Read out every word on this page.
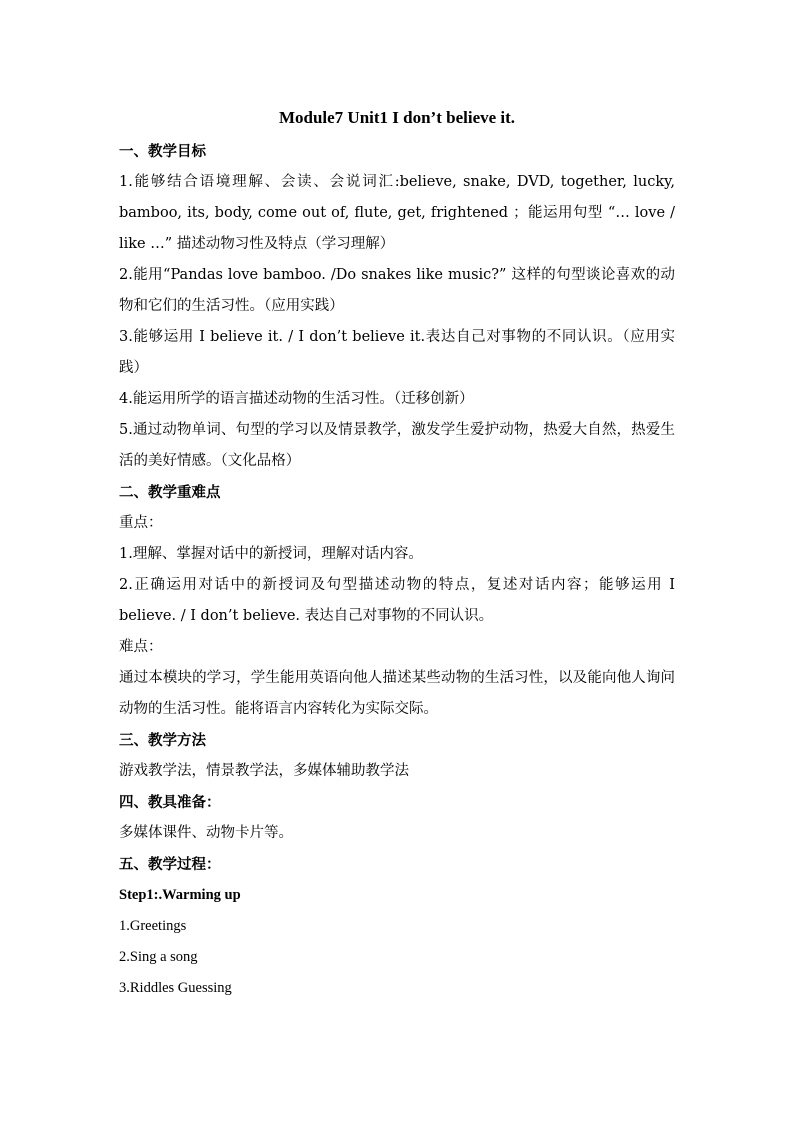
Module7 Unit1 I don’t believe it.
一、教学目标
1.能够结合语境理解、会读、会说词汇:believe, snake, DVD, together, lucky, bamboo, its, body, come out of, flute, get, frightened ；能运用句型 “… love / like …” 描述动物习性及特点（学习理解）
2.能用“Pandas love bamboo. /Do snakes like music?” 这样的句型谈论喜欢的动物和它们的生活习性。（应用实践）
3.能够运用 I believe it. / I don’t believe it.表达自己对事物的不同认识。（应用实践）
4.能运用所学的语言描述动物的生活习性。（迁移创新）
5.通过动物单词、句型的学习以及情景教学，激发学生爱护动物，热爱大自然，热爱生活的美好情感。（文化品格）
二、教学重难点
重点：
1.理解、掌握对话中的新授词，理解对话内容。
2.正确运用对话中的新授词及句型描述动物的特点，复述对话内容；能够运用 I believe. / I don’t believe. 表达自己对事物的不同认识。
难点：
通过本模块的学习，学生能用英语向他人描述某些动物的生活习性，以及能向他人询问动物的生活习性。能将语言内容转化为实际交际。
三、教学方法
游戏教学法，情景教学法，多媒体辅助教学法
四、教具准备：
多媒体课件、动物卡片等。
五、教学过程：
Step1:.Warming up
1.Greetings
2.Sing a song
3.Riddles Guessing
